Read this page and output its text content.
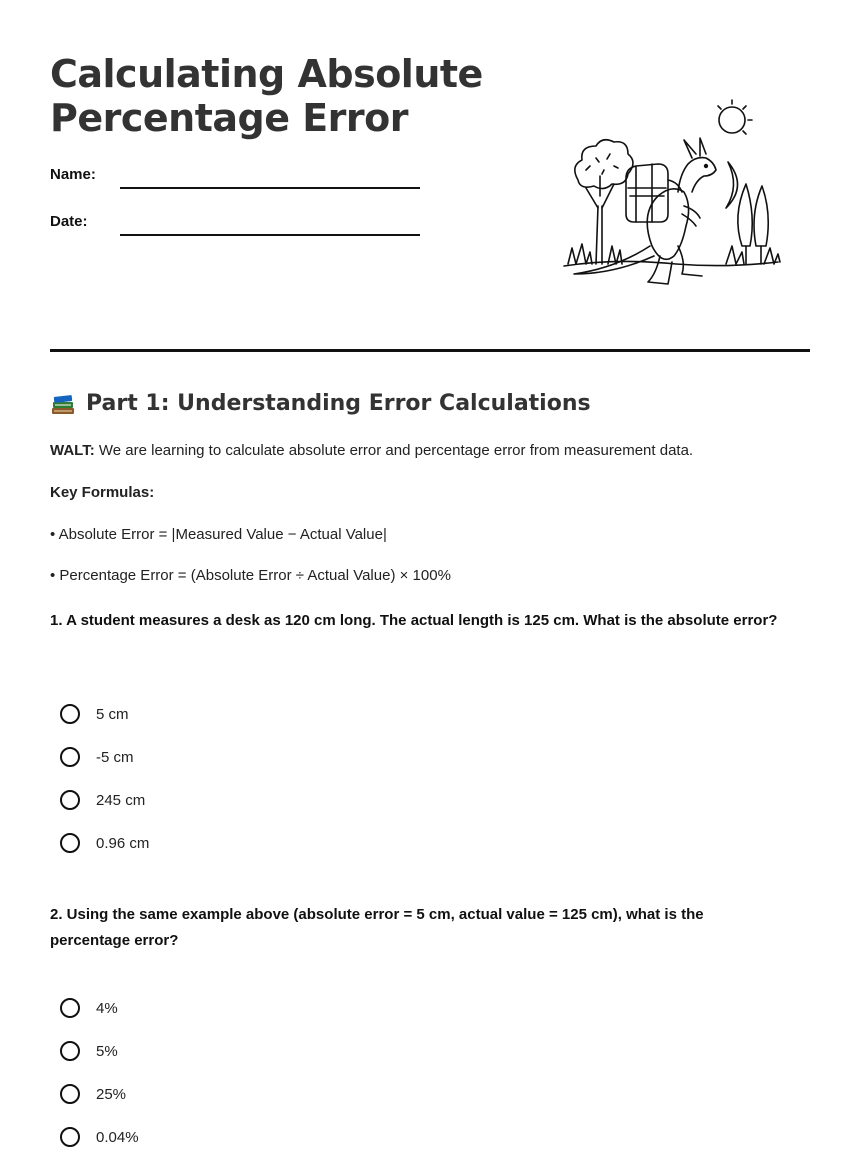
Calculating Absolute
Percentage Error
Name:
Date:
Part 1: Understanding Error Calculations

WALT: We are learning to calculate absolute error and percentage error from measurement data.

Key Formulas:

• Absolute Error = |Measured Value − Actual Value|

• Percentage Error = (Absolute Error ÷ Actual Value) × 100%

1. A student measures a desk as 120 cm long. The actual length is 125 cm. What is the absolute error?

5 cm
-5 cm
245 cm
0.96 cm

2. Using the same example above (absolute error = 5 cm, actual value = 125 cm), what is the percentage error?

4%
5%
25%
0.04%
